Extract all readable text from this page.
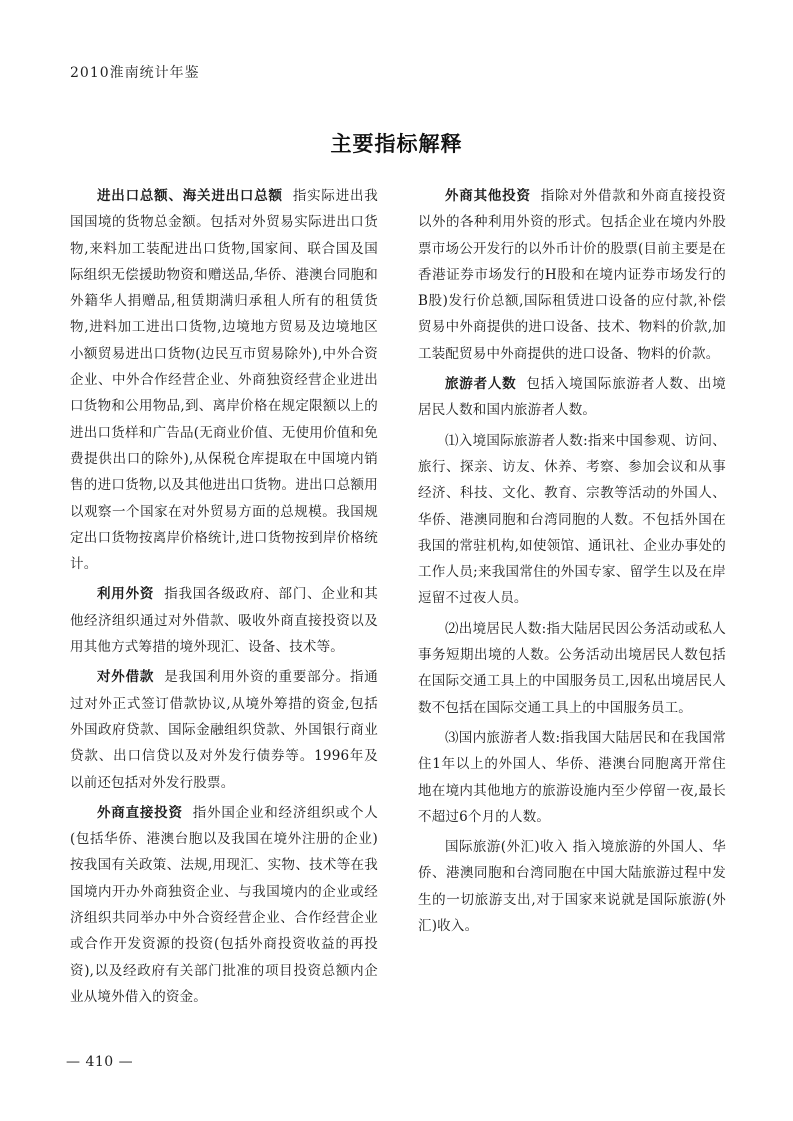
2010淮南统计年鉴
主要指标解释

进出口总额、海关进出口总额 指实际进出我国国境的货物总金额。包括对外贸易实际进出口货物,来料加工装配进出口货物,国家间、联合国及国际组织无偿援助物资和赠送品,华侨、港澳台同胞和外籍华人捐赠品,租赁期满归承租人所有的租赁货物,进料加工进出口货物,边境地方贸易及边境地区小额贸易进出口货物(边民互市贸易除外),中外合资企业、中外合作经营企业、外商独资经营企业进出口货物和公用物品,到、离岸价格在规定限额以上的进出口货样和广告品(无商业价值、无使用价值和免费提供出口的除外),从保税仓库提取在中国境内销售的进口货物,以及其他进出口货物。进出口总额用以观察一个国家在对外贸易方面的总规模。我国规定出口货物按离岸价格统计,进口货物按到岸价格统计。

利用外资 指我国各级政府、部门、企业和其他经济组织通过对外借款、吸收外商直接投资以及用其他方式筹措的境外现汇、设备、技术等。

对外借款 是我国利用外资的重要部分。指通过对外正式签订借款协议,从境外筹措的资金,包括外国政府贷款、国际金融组织贷款、外国银行商业贷款、出口信贷以及对外发行债券等。1996年及以前还包括对外发行股票。

外商直接投资 指外国企业和经济组织或个人(包括华侨、港澳台胞以及我国在境外注册的企业)按我国有关政策、法规,用现汇、实物、技术等在我国境内开办外商独资企业、与我国境内的企业或经济组织共同举办中外合资经营企业、合作经营企业或合作开发资源的投资(包括外商投资收益的再投资),以及经政府有关部门批准的项目投资总额内企业从境外借入的资金。

外商其他投资 指除对外借款和外商直接投资以外的各种利用外资的形式。包括企业在境内外股票市场公开发行的以外币计价的股票(目前主要是在香港证券市场发行的H股和在境内证券市场发行的B股)发行价总额,国际租赁进口设备的应付款,补偿贸易中外商提供的进口设备、技术、物料的价款,加工装配贸易中外商提供的进口设备、物料的价款。

旅游者人数 包括入境国际旅游者人数、出境居民人数和国内旅游者人数。

⑴入境国际旅游者人数:指来中国参观、访问、旅行、探亲、访友、休养、考察、参加会议和从事经济、科技、文化、教育、宗教等活动的外国人、华侨、港澳同胞和台湾同胞的人数。不包括外国在我国的常驻机构,如使领馆、通讯社、企业办事处的工作人员;来我国常住的外国专家、留学生以及在岸逗留不过夜人员。

⑵出境居民人数:指大陆居民因公务活动或私人事务短期出境的人数。公务活动出境居民人数包括在国际交通工具上的中国服务员工,因私出境居民人数不包括在国际交通工具上的中国服务员工。

⑶国内旅游者人数:指我国大陆居民和在我国常住1年以上的外国人、华侨、港澳台同胞离开常住地在境内其他地方的旅游设施内至少停留一夜,最长不超过6个月的人数。

国际旅游(外汇)收入 指入境旅游的外国人、华侨、港澳同胞和台湾同胞在中国大陆旅游过程中发生的一切旅游支出,对于国家来说就是国际旅游(外汇)收入。

— 410 —
